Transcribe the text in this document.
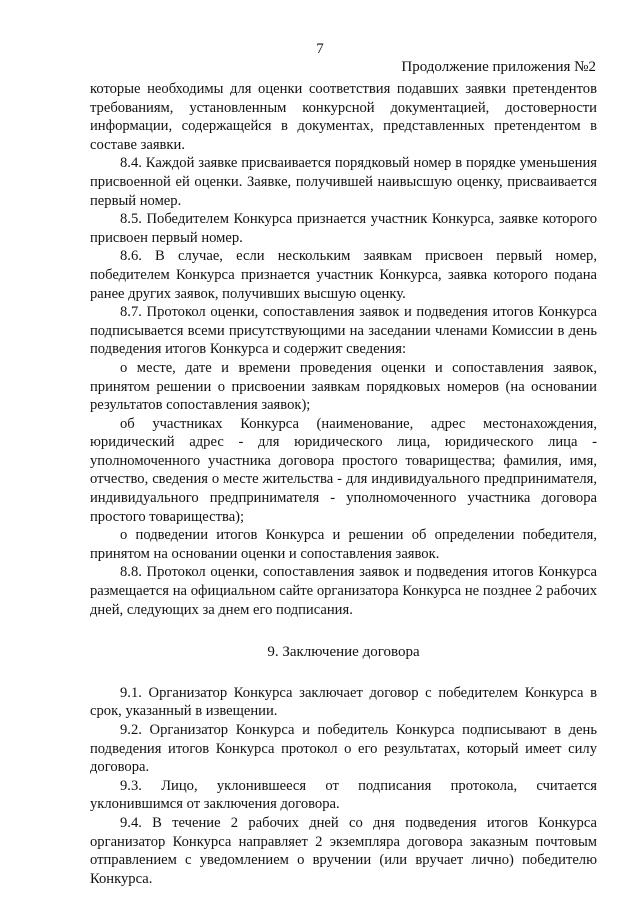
7
Продолжение приложения №2

которые необходимы для оценки соответствия подавших заявки претендентов требованиям, установленным конкурсной документацией, достоверности информации, содержащейся в документах, представленных претендентом в составе заявки.

8.4. Каждой заявке присваивается порядковый номер в порядке уменьшения присвоенной ей оценки. Заявке, получившей наивысшую оценку, присваивается первый номер.

8.5. Победителем Конкурса признается участник Конкурса, заявке которого присвоен первый номер.

8.6. В случае, если нескольким заявкам присвоен первый номер, победителем Конкурса признается участник Конкурса, заявка которого подана ранее других заявок, получивших высшую оценку.

8.7. Протокол оценки, сопоставления заявок и подведения итогов Конкурса подписывается всеми присутствующими на заседании членами Комиссии в день подведения итогов Конкурса и содержит сведения:

о месте, дате и времени проведения оценки и сопоставления заявок, принятом решении о присвоении заявкам порядковых номеров (на основании результатов сопоставления заявок);

об участниках Конкурса (наименование, адрес местонахождения, юридический адрес - для юридического лица, юридического лица - уполномоченного участника договора простого товарищества; фамилия, имя, отчество, сведения о месте жительства - для индивидуального предпринимателя, индивидуального предпринимателя - уполномоченного участника договора простого товарищества);

о подведении итогов Конкурса и решении об определении победителя, принятом на основании оценки и сопоставления заявок.

8.8. Протокол оценки, сопоставления заявок и подведения итогов Конкурса размещается на официальном сайте организатора Конкурса не позднее 2 рабочих дней, следующих за днем его подписания.

9. Заключение договора

9.1. Организатор Конкурса заключает договор с победителем Конкурса в срок, указанный в извещении.

9.2. Организатор Конкурса и победитель Конкурса подписывают в день подведения итогов Конкурса протокол о его результатах, который имеет силу договора.

9.3. Лицо, уклонившееся от подписания протокола, считается уклонившимся от заключения договора.

9.4. В течение 2 рабочих дней со дня подведения итогов Конкурса организатор Конкурса направляет 2 экземпляра договора заказным почтовым отправлением с уведомлением о вручении (или вручает лично) победителю Конкурса.
